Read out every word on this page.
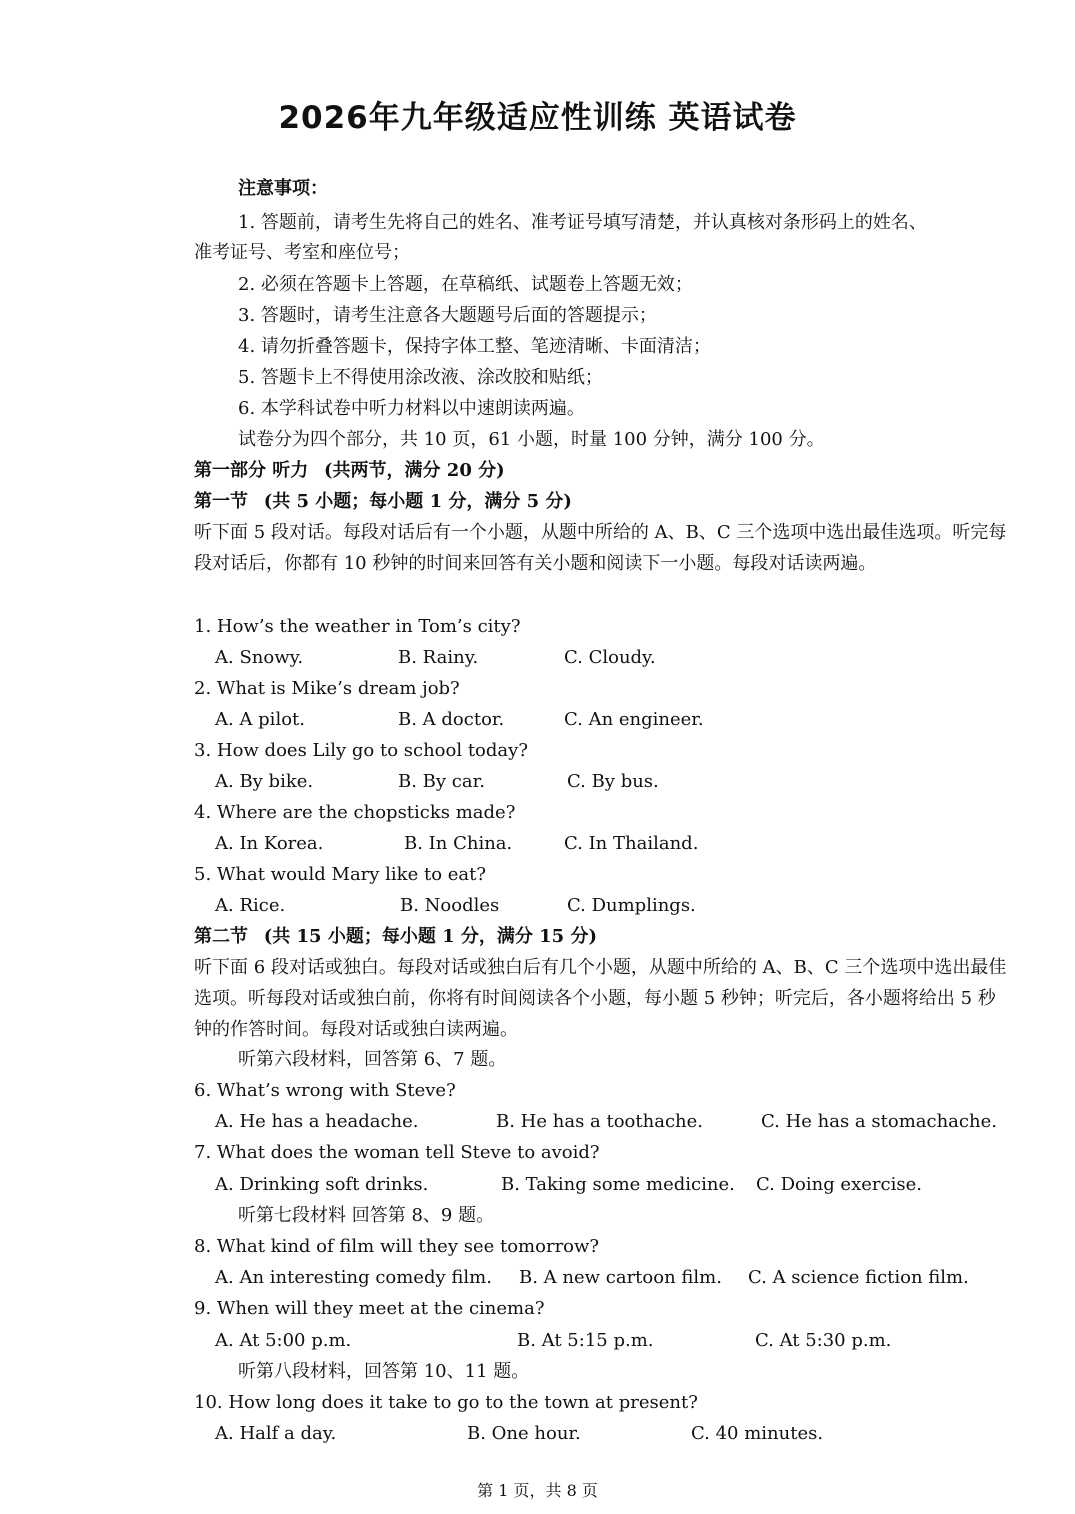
2026年九年级适应性训练 英语试卷
注意事项：
1. 答题前，请考生先将自己的姓名、准考证号填写清楚，并认真核对条形码上的姓名、
准考证号、考室和座位号；
2. 必须在答题卡上答题，在草稿纸、试题卷上答题无效；
3. 答题时，请考生注意各大题题号后面的答题提示；
4. 请勿折叠答题卡，保持字体工整、笔迹清晰、卡面清洁；
5. 答题卡上不得使用涂改液、涂改胶和贴纸；
6. 本学科试卷中听力材料以中速朗读两遍。
试卷分为四个部分，共 10 页，61 小题，时量 100 分钟，满分 100 分。
第一部分 听力 (共两节，满分 20 分)
第一节 (共 5 小题；每小题 1 分，满分 5 分)
听下面 5 段对话。每段对话后有一个小题，从题中所给的 A、B、C 三个选项中选出最佳选项。听完每段对话后，你都有 10 秒钟的时间来回答有关小题和阅读下一小题。每段对话读两遍。
1. How’s the weather in Tom’s city?
A. Snowy.	B. Rainy.	C. Cloudy.
2. What is Mike’s dream job?
A. A pilot.	B. A doctor.	C. An engineer.
3. How does Lily go to school today?
A. By bike.	B. By car.	C. By bus.
4. Where are the chopsticks made?
A. In Korea.	B. In China.	C. In Thailand.
5. What would Mary like to eat?
A. Rice.	B. Noodles	C. Dumplings.
第二节 (共 15 小题；每小题 1 分，满分 15 分)
听下面 6 段对话或独白。每段对话或独白后有几个小题，从题中所给的 A、B、C 三个选项中选出最佳选项。听每段对话或独白前，你将有时间阅读各个小题，每小题 5 秒钟；听完后，各小题将给出 5 秒钟的作答时间。每段对话或独白读两遍。
听第六段材料，回答第 6、7 题。
6. What’s wrong with Steve?
A. He has a headache.	B. He has a toothache.	C. He has a stomachache.
7. What does the woman tell Steve to avoid?
A. Drinking soft drinks.	B. Taking some medicine. C. Doing exercise.
听第七段材料 回答第 8、9 题。
8. What kind of film will they see tomorrow?
A. An interesting comedy film. B. A new cartoon film. C. A science fiction film.
9. When will they meet at the cinema?
A. At 5:00 p.m.	B. At 5:15 p.m.	C. At 5:30 p.m.
听第八段材料，回答第 10、11 题。
10. How long does it take to go to the town at present?
A. Half a day.	B. One hour.	C. 40 minutes.
第 1 页，共 8 页
